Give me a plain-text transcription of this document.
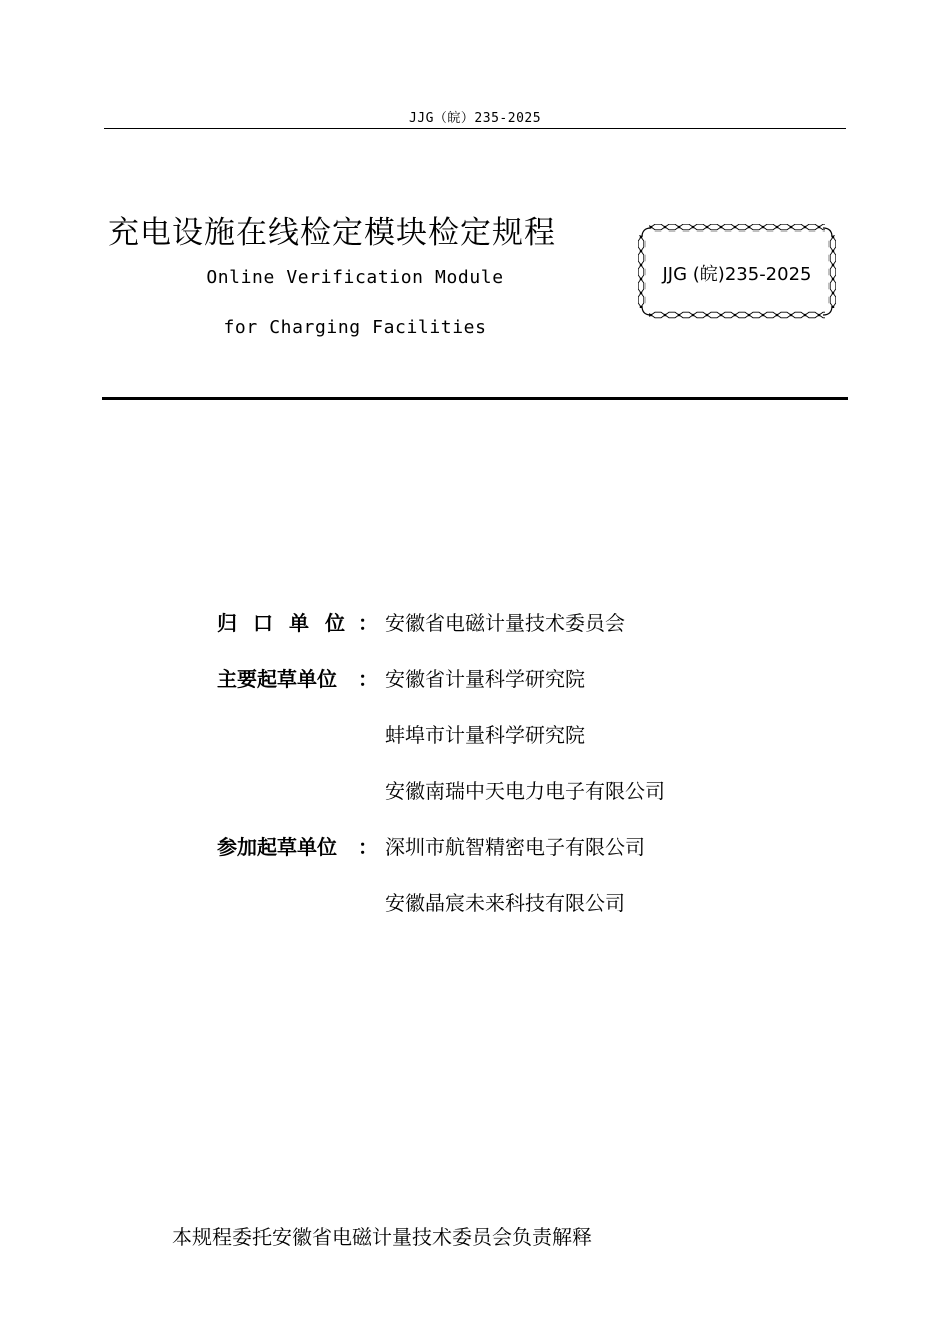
JJG（皖）235-2025
充电设施在线检定模块检定规程
Online Verification Module
for Charging Facilities
JJG (皖)235-2025
归口单位
： 安徽省电磁计量技术委员会
主要起草单位 ： 安徽省计量科学研究院
蚌埠市计量科学研究院
安徽南瑞中天电力电子有限公司
参加起草单位 ： 深圳市航智精密电子有限公司
安徽晶宸未来科技有限公司
本规程委托安徽省电磁计量技术委员会负责解释
